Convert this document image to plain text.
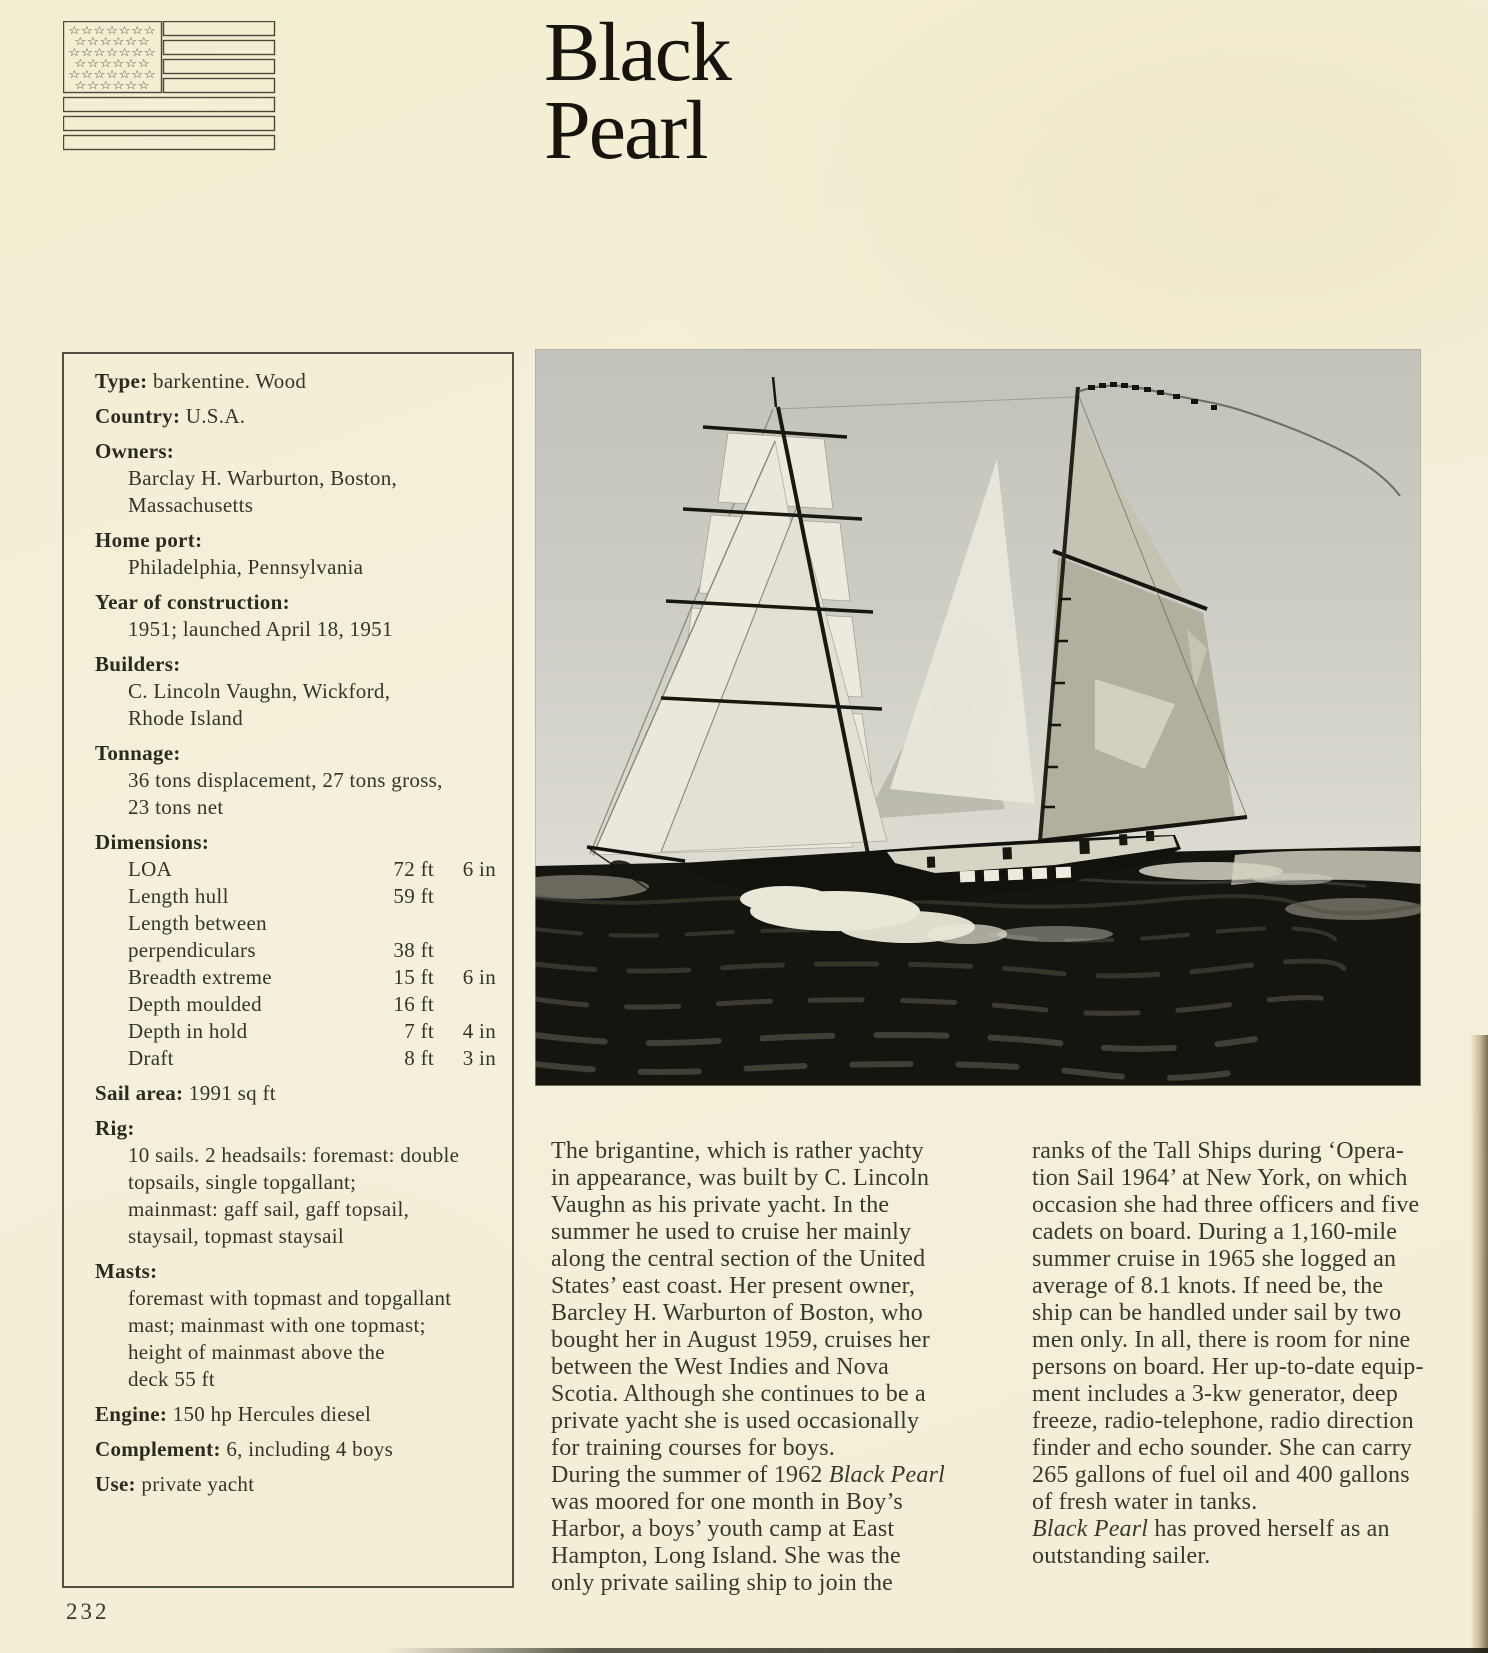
☆☆☆☆☆☆☆
☆☆☆☆☆☆
☆☆☆☆☆☆☆
☆☆☆☆☆☆
☆☆☆☆☆☆☆
☆☆☆☆☆☆	Black
Pearl
Type: barkentine. Wood
Country: U.S.A.
Owners:
Barclay H. Warburton, Boston,
Massachusetts
Home port:
Philadelphia, Pennsylvania
Year of construction:
1951; launched April 18, 1951
Builders:
C. Lincoln Vaughn, Wickford,
Rhode Island
Tonnage:
36 tons displacement, 27 tons gross,
23 tons net
Dimensions:
LOA	72 ft	6 in
Length hull	59 ft
Length between
perpendiculars	38 ft
Breadth extreme	15 ft	6 in
Depth moulded	16 ft
Depth in hold	7 ft	4 in
Draft	8 ft	3 in
Sail area: 1991 sq ft
Rig:
10 sails. 2 headsails: foremast: double
topsails, single topgallant;
mainmast: gaff sail, gaff topsail,
staysail, topmast staysail
Masts:
foremast with topmast and topgallant
mast; mainmast with one topmast;
height of mainmast above the
deck 55 ft
Engine: 150 hp Hercules diesel
Complement: 6, including 4 boys
Use: private yacht
The brigantine, which is rather yachty
in appearance, was built by C. Lincoln
Vaughn as his private yacht. In the
summer he used to cruise her mainly
along the central section of the United
States’ east coast. Her present owner,
Barcley H. Warburton of Boston, who
bought her in August 1959, cruises her
between the West Indies and Nova
Scotia. Although she continues to be a
private yacht she is used occasionally
for training courses for boys.
During the summer of 1962 Black Pearl
was moored for one month in Boy’s
Harbor, a boys’ youth camp at East
Hampton, Long Island. She was the
only private sailing ship to join the
ranks of the Tall Ships during ‘Opera-
tion Sail 1964’ at New York, on which
occasion she had three officers and five
cadets on board. During a 1,160-mile
summer cruise in 1965 she logged an
average of 8.1 knots. If need be, the
ship can be handled under sail by two
men only. In all, there is room for nine
persons on board. Her up-to-date equip-
ment includes a 3-kw generator, deep
freeze, radio-telephone, radio direction
finder and echo sounder. She can carry
265 gallons of fuel oil and 400 gallons
of fresh water in tanks.
Black Pearl has proved herself as an
outstanding sailer.
232
